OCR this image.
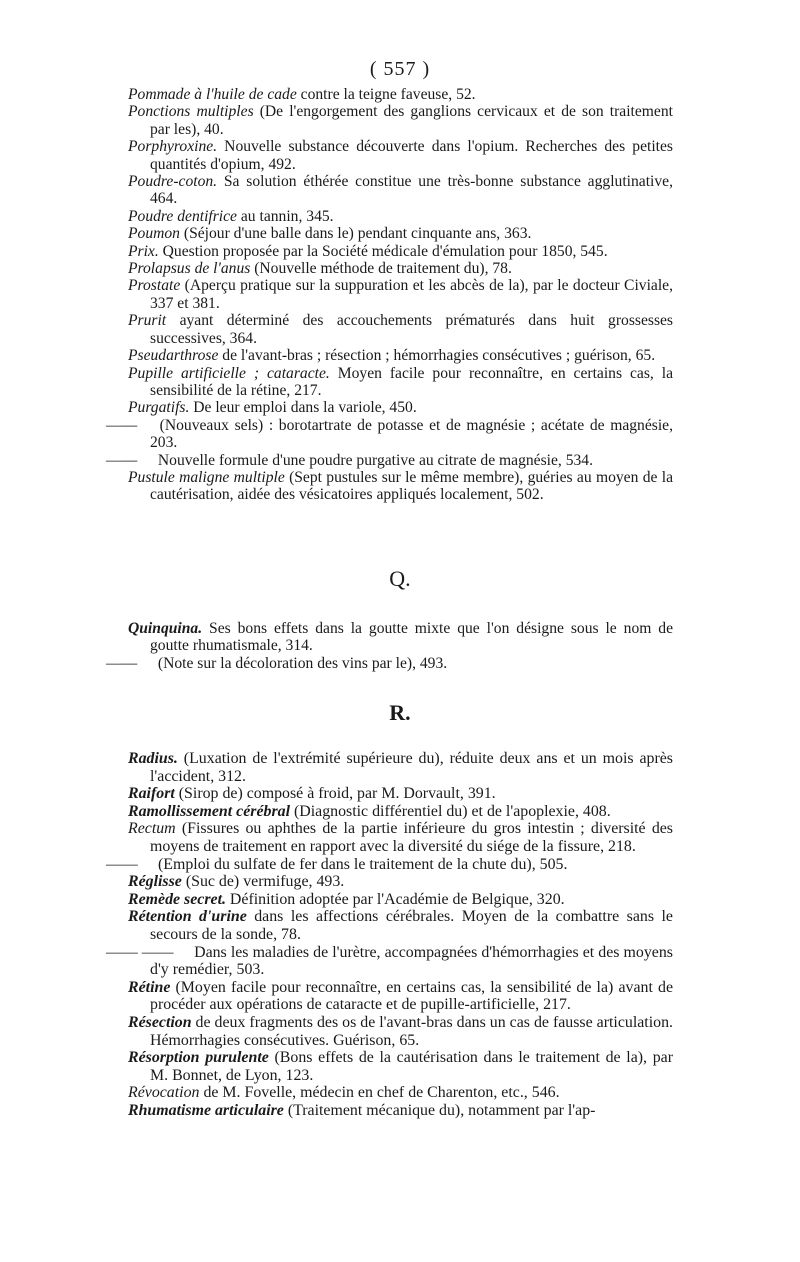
( 557 )
Pommade à l'huile de cade contre la teigne faveuse, 52.
Ponctions multiples (De l'engorgement des ganglions cervicaux et de son traitement par les), 40.
Porphyroxine. Nouvelle substance découverte dans l'opium. Recherches des petites quantités d'opium, 492.
Poudre-coton. Sa solution éthérée constitue une très-bonne substance agglutinative, 464.
Poudre dentifrice au tannin, 345.
Poumon (Séjour d'une balle dans le) pendant cinquante ans, 363.
Prix. Question proposée par la Société médicale d'émulation pour 1850, 545.
Prolapsus de l'anus (Nouvelle méthode de traitement du), 78.
Prostate (Aperçu pratique sur la suppuration et les abcès de la), par le docteur Civiale, 337 et 381.
Prurit ayant déterminé des accouchements prématurés dans huit grossesses successives, 364.
Pseudarthrose de l'avant-bras ; résection ; hémorrhagies consécutives ; guérison, 65.
Pupille artificielle ; cataracte. Moyen facile pour reconnaître, en certains cas, la sensibilité de la rétine, 217.
Purgatifs. De leur emploi dans la variole, 450.
—— (Nouveaux sels) : borotartrate de potasse et de magnésie ; acétate de magnésie, 203.
—— Nouvelle formule d'une poudre purgative au citrate de magnésie, 534.
Pustule maligne multiple (Sept pustules sur le même membre), guéries au moyen de la cautérisation, aidée des vésicatoires appliqués localement, 502.
Q.
Quinquina. Ses bons effets dans la goutte mixte que l'on désigne sous le nom de goutte rhumatismale, 314.
—— (Note sur la décoloration des vins par le), 493.
R.
Radius. (Luxation de l'extrémité supérieure du), réduite deux ans et un mois après l'accident, 312.
Raifort (Sirop de) composé à froid, par M. Dorvault, 391.
Ramollissement cérébral (Diagnostic différentiel du) et de l'apoplexie, 408.
Rectum (Fissures ou aphthes de la partie inférieure du gros intestin ; diversité des moyens de traitement en rapport avec la diversité du siége de la fissure, 218.
—— (Emploi du sulfate de fer dans le traitement de la chute du), 505.
Réglisse (Suc de) vermifuge, 493.
Remède secret. Définition adoptée par l'Académie de Belgique, 320.
Rétention d'urine dans les affections cérébrales. Moyen de la combattre sans le secours de la sonde, 78.
—— —— Dans les maladies de l'urètre, accompagnées d'hémorrhagies et des moyens d'y remédier, 503.
Rétine (Moyen facile pour reconnaître, en certains cas, la sensibilité de la) avant de procéder aux opérations de cataracte et de pupille-artificielle, 217.
Résection de deux fragments des os de l'avant-bras dans un cas de fausse articulation. Hémorrhagies consécutives. Guérison, 65.
Résorption purulente (Bons effets de la cautérisation dans le traitement de la), par M. Bonnet, de Lyon, 123.
Révocation de M. Fovelle, médecin en chef de Charenton, etc., 546.
Rhumatisme articulaire (Traitement mécanique du), notamment par l'ap-
